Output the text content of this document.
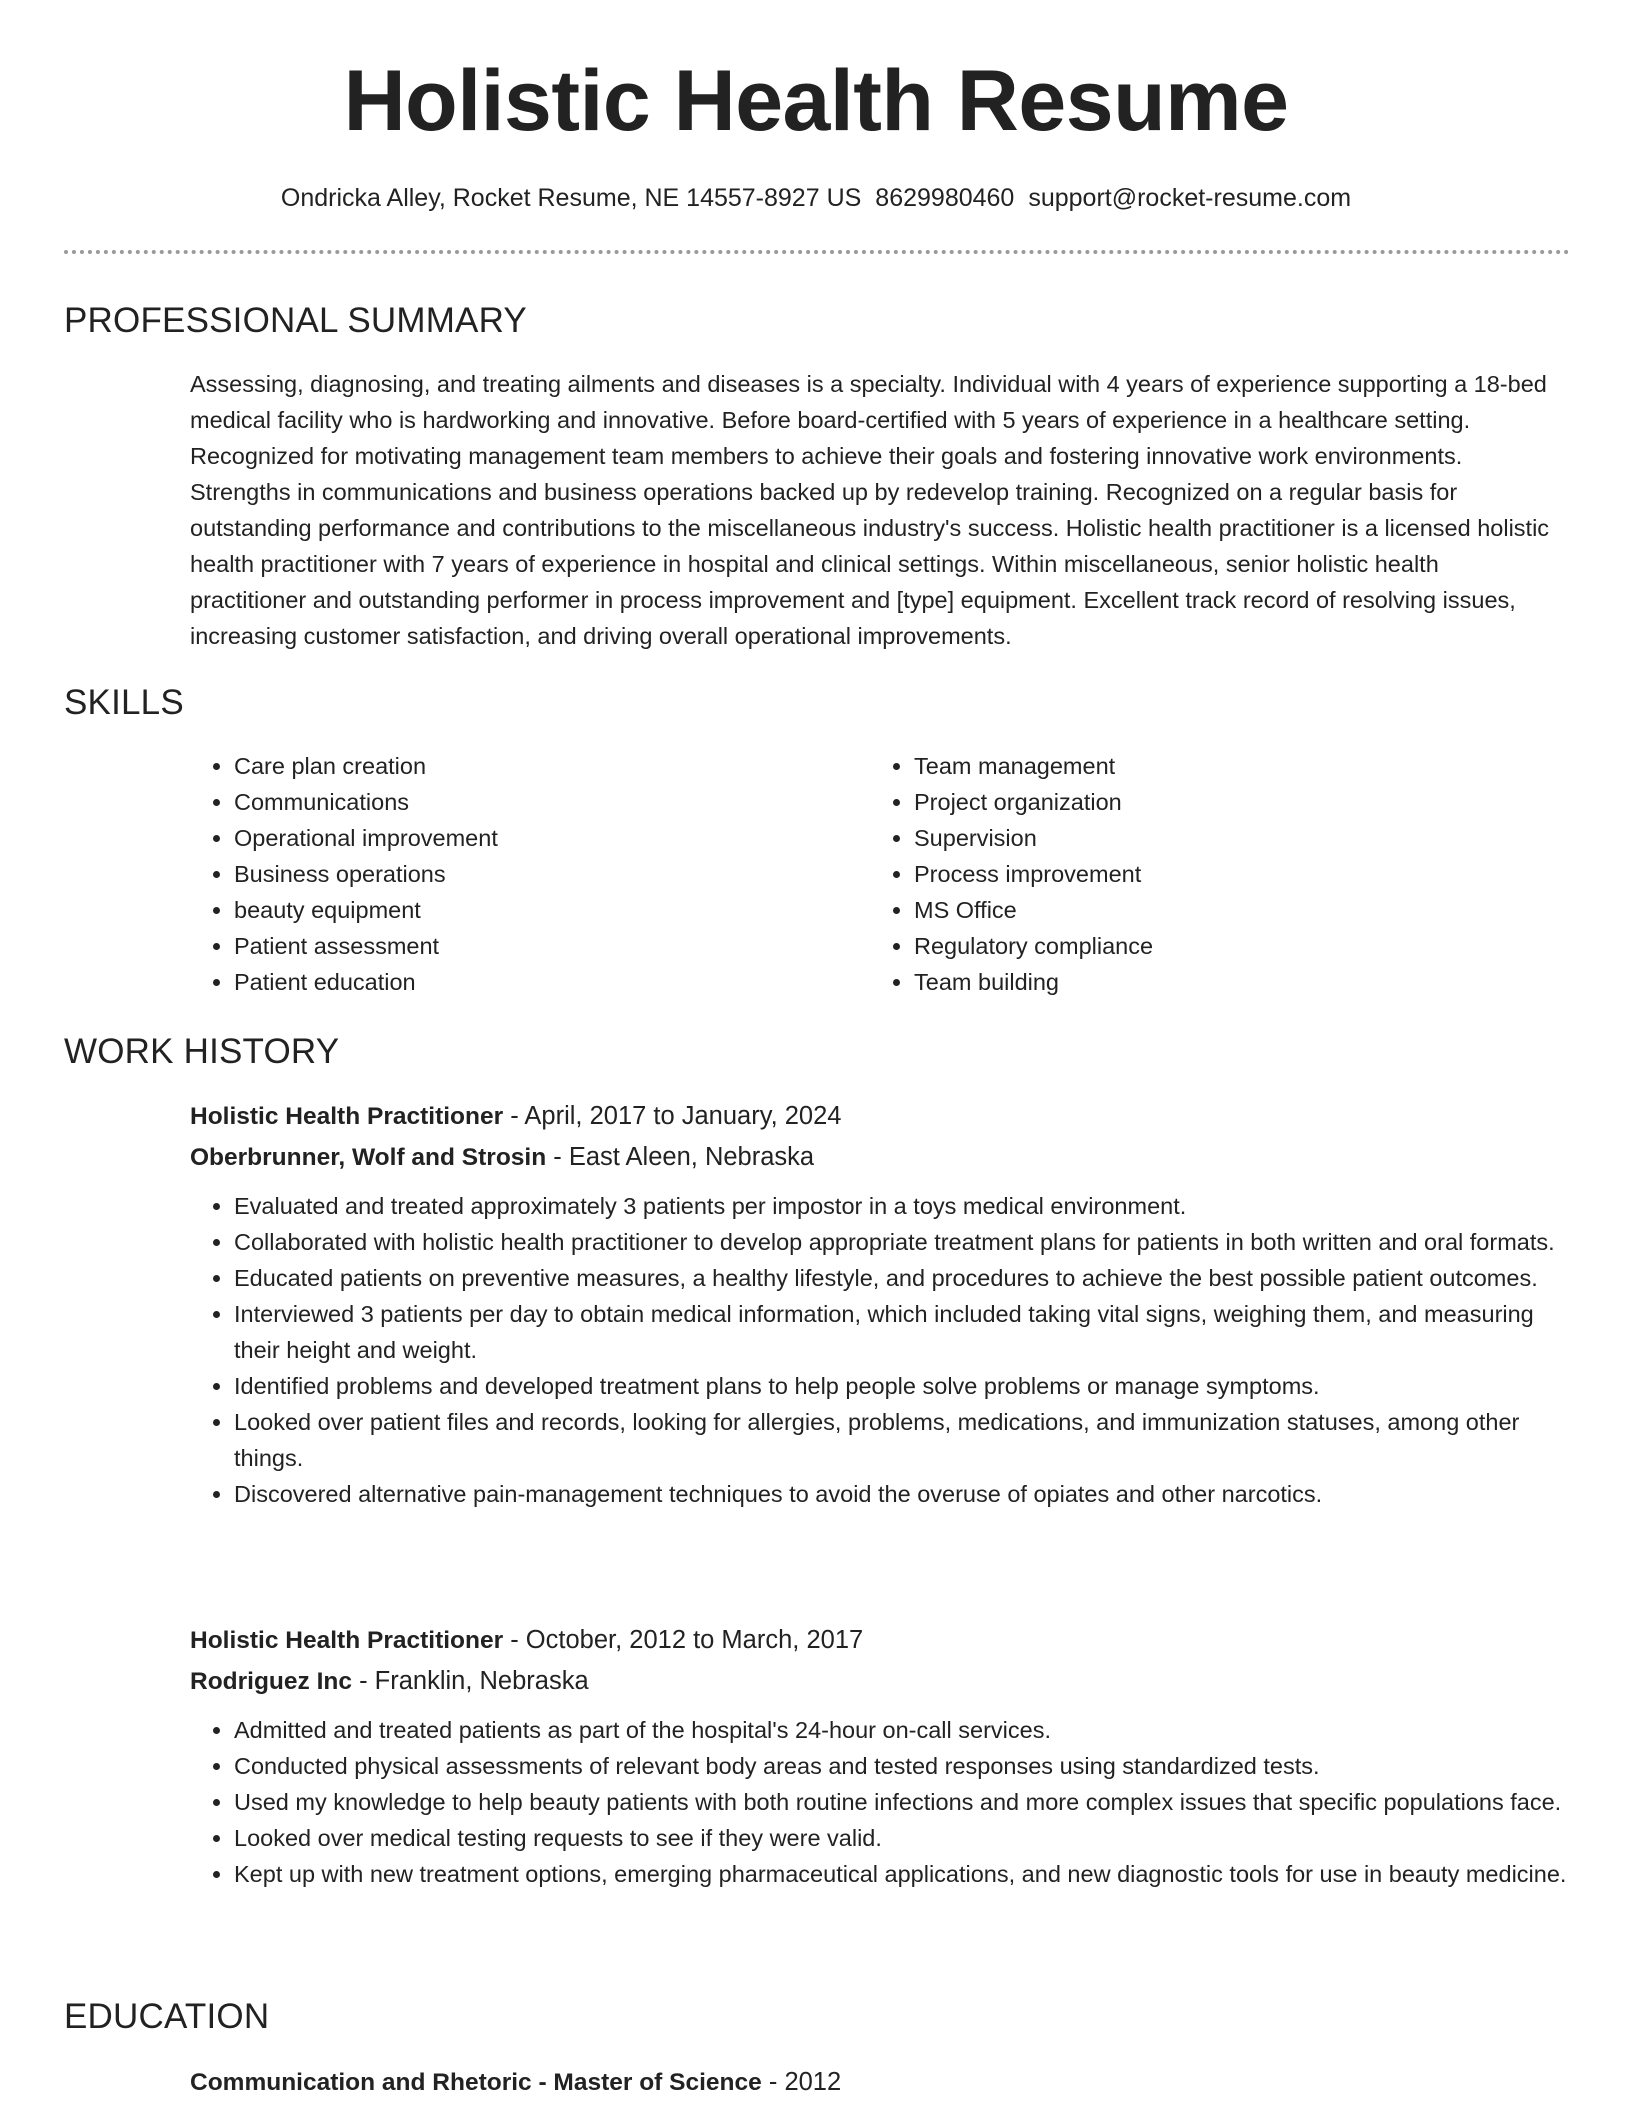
Holistic Health Resume
Ondricka Alley, Rocket Resume, NE 14557-8927 US 8629980460 support@rocket-resume.com
PROFESSIONAL SUMMARY

Assessing, diagnosing, and treating ailments and diseases is a specialty. Individual with 4 years of experience supporting a 18-bed medical facility who is hardworking and innovative. Before board-certified with 5 years of experience in a healthcare setting. Recognized for motivating management team members to achieve their goals and fostering innovative work environments. Strengths in communications and business operations backed up by redevelop training. Recognized on a regular basis for outstanding performance and contributions to the miscellaneous industry's success. Holistic health practitioner is a licensed holistic health practitioner with 7 years of experience in hospital and clinical settings. Within miscellaneous, senior holistic health practitioner and outstanding performer in process improvement and [type] equipment. Excellent track record of resolving issues, increasing customer satisfaction, and driving overall operational improvements.

SKILLS
• Care plan creation
• Communications
• Operational improvement
• Business operations
• beauty equipment
• Patient assessment
• Patient education
• Team management
• Project organization
• Supervision
• Process improvement
• MS Office
• Regulatory compliance
• Team building
WORK HISTORY
Holistic Health Practitioner - April, 2017 to January, 2024
Oberbrunner, Wolf and Strosin - East Aleen, Nebraska
• Evaluated and treated approximately 3 patients per impostor in a toys medical environment.
• Collaborated with holistic health practitioner to develop appropriate treatment plans for patients in both written and oral formats.
• Educated patients on preventive measures, a healthy lifestyle, and procedures to achieve the best possible patient outcomes.
• Interviewed 3 patients per day to obtain medical information, which included taking vital signs, weighing them, and measuring their height and weight.
• Identified problems and developed treatment plans to help people solve problems or manage symptoms.
• Looked over patient files and records, looking for allergies, problems, medications, and immunization statuses, among other things.
• Discovered alternative pain-management techniques to avoid the overuse of opiates and other narcotics.
Holistic Health Practitioner - October, 2012 to March, 2017
Rodriguez Inc - Franklin, Nebraska
• Admitted and treated patients as part of the hospital's 24-hour on-call services.
• Conducted physical assessments of relevant body areas and tested responses using standardized tests.
• Used my knowledge to help beauty patients with both routine infections and more complex issues that specific populations face.
• Looked over medical testing requests to see if they were valid.
• Kept up with new treatment options, emerging pharmaceutical applications, and new diagnostic tools for use in beauty medicine.
EDUCATION
Communication and Rhetoric - Master of Science - 2012
